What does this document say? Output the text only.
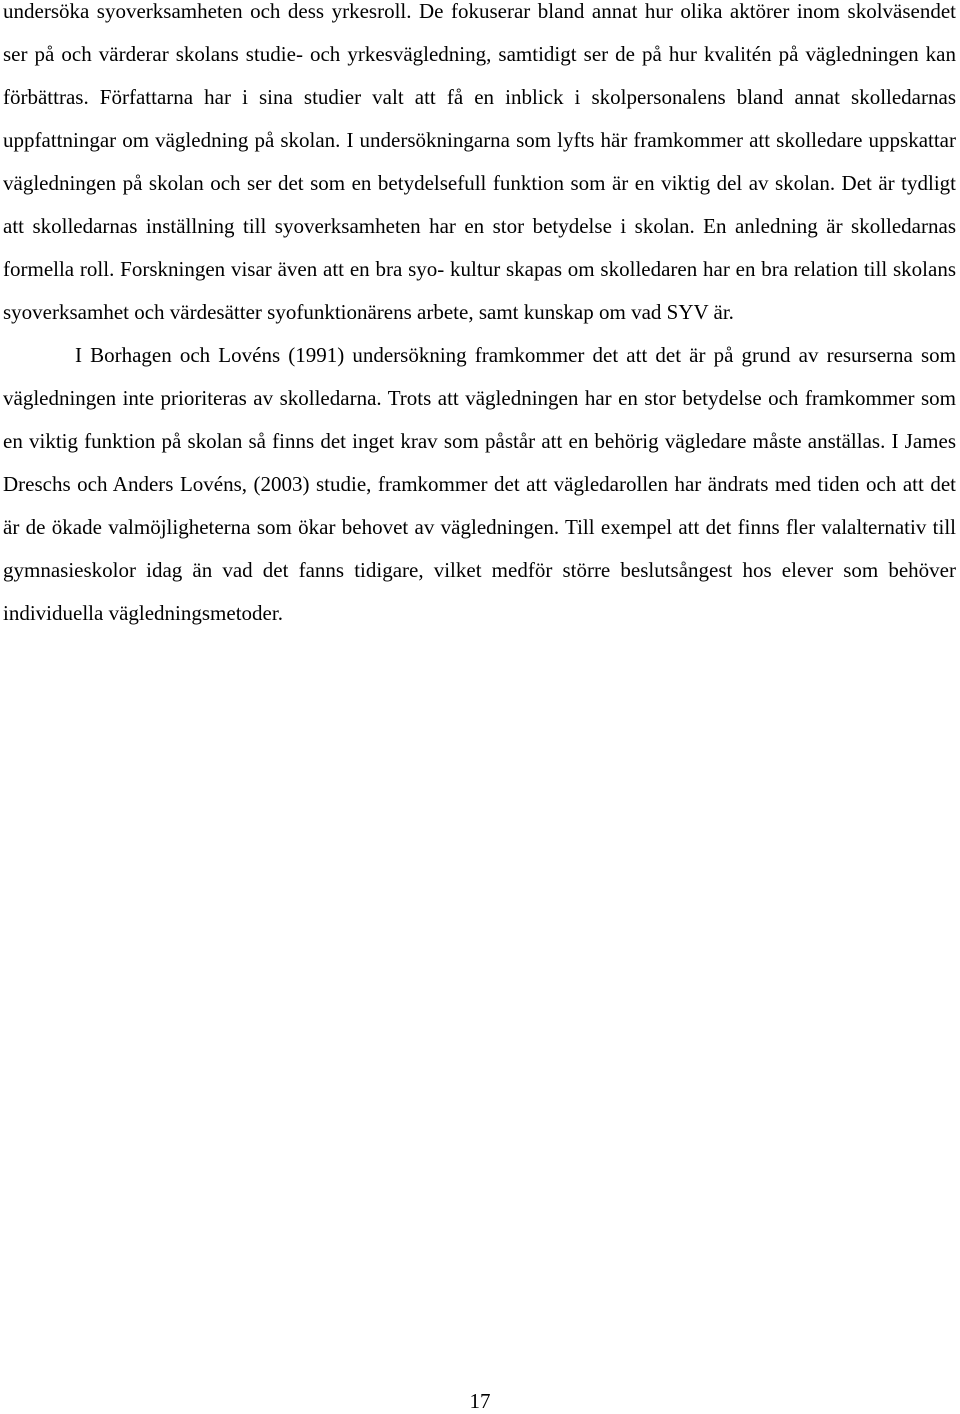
undersöka syoverksamheten och dess yrkesroll. De fokuserar bland annat hur olika aktörer inom skolväsendet ser på och värderar skolans studie- och yrkesvägledning, samtidigt ser de på hur kvalitén på vägledningen kan förbättras. Författarna har i sina studier valt att få en inblick i skolpersonalens bland annat skolledarnas uppfattningar om vägledning på skolan. I undersökningarna som lyfts här framkommer att skolledare uppskattar vägledningen på skolan och ser det som en betydelsefull funktion som är en viktig del av skolan. Det är tydligt att skolledarnas inställning till syoverksamheten har en stor betydelse i skolan. En anledning är skolledarnas formella roll. Forskningen visar även att en bra syo- kultur skapas om skolledaren har en bra relation till skolans syoverksamhet och värdesätter syofunktionärens arbete, samt kunskap om vad SYV är.

I Borhagen och Lovéns (1991) undersökning framkommer det att det är på grund av resurserna som vägledningen inte prioriteras av skolledarna. Trots att vägledningen har en stor betydelse och framkommer som en viktig funktion på skolan så finns det inget krav som påstår att en behörig vägledare måste anställas. I James Dreschs och Anders Lovéns, (2003) studie, framkommer det att vägledarollen har ändrats med tiden och att det är de ökade valmöjligheterna som ökar behovet av vägledningen. Till exempel att det finns fler valalternativ till gymnasieskolor idag än vad det fanns tidigare, vilket medför större beslutsångest hos elever som behöver individuella vägledningsmetoder.

17
